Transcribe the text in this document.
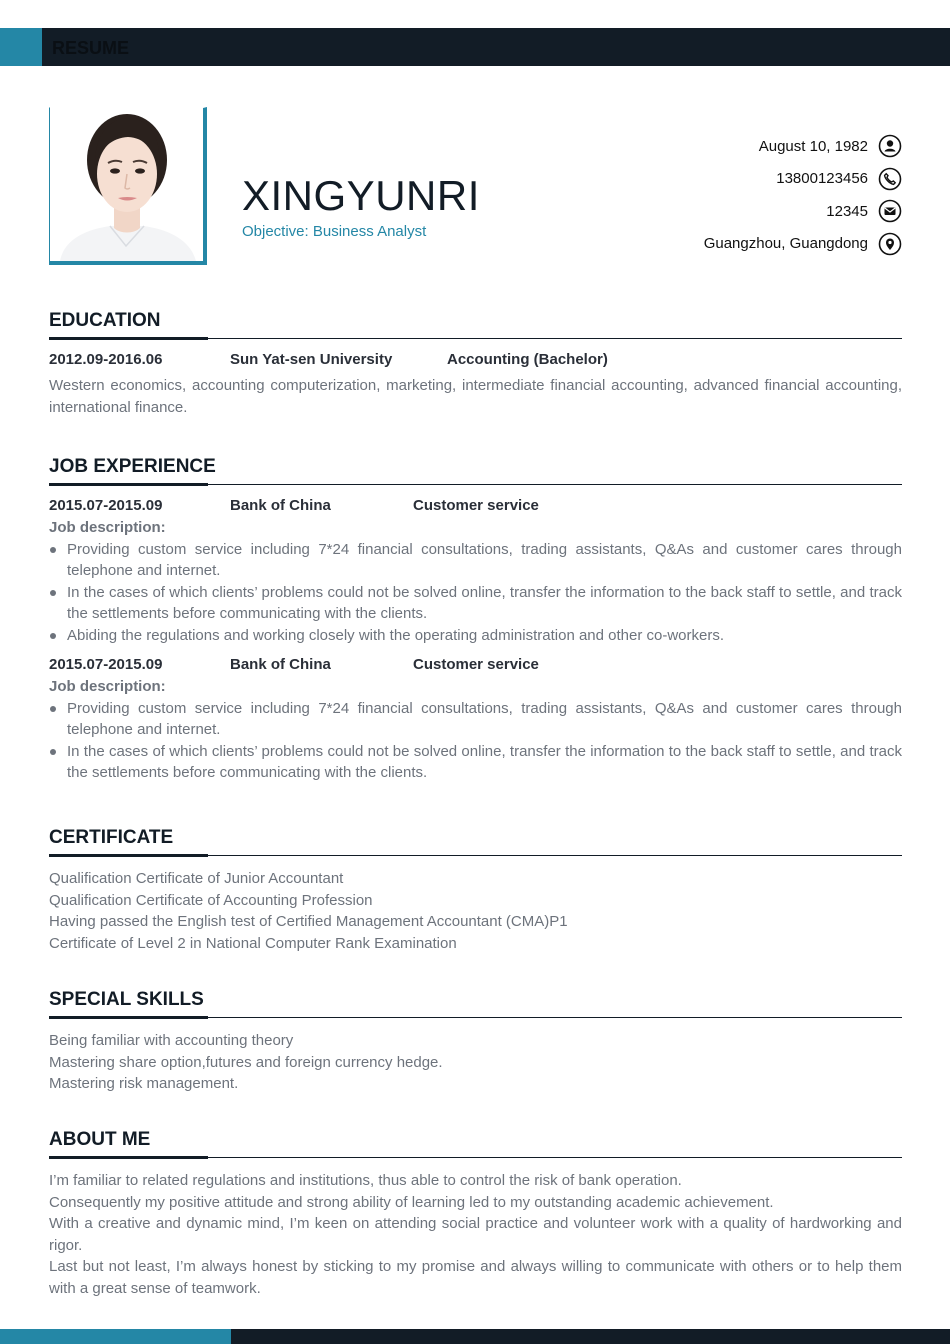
RESUME
XINGYUNRI
Objective: Business Analyst
August 10, 1982
13800123456
12345
Guangzhou, Guangdong
EDUCATION
2012.09-2016.06	Sun Yat-sen University	Accounting (Bachelor)
Western economics, accounting computerization, marketing, intermediate financial accounting, advanced financial accounting, international finance.
JOB EXPERIENCE
2015.07-2015.09	Bank of China	Customer service
Job description:
Providing custom service including 7*24 financial consultations, trading assistants, Q&As and customer cares through telephone and internet.
In the cases of which clients’ problems could not be solved online, transfer the information to the back staff to settle, and track the settlements before communicating with the clients.
Abiding the regulations and working closely with the operating administration and other co-workers.
2015.07-2015.09	Bank of China	Customer service
Job description:
Providing custom service including 7*24 financial consultations, trading assistants, Q&As and customer cares through telephone and internet.
In the cases of which clients’ problems could not be solved online, transfer the information to the back staff to settle, and track the settlements before communicating with the clients.
CERTIFICATE
Qualification Certificate of Junior Accountant
Qualification Certificate of Accounting Profession
Having passed the English test of Certified Management Accountant (CMA)P1
Certificate of Level 2 in National Computer Rank Examination
SPECIAL SKILLS
Being familiar with accounting theory
Mastering share option,futures and foreign currency hedge.
Mastering risk management.
ABOUT ME
I’m familiar to related regulations and institutions, thus able to control the risk of bank operation.
Consequently my positive attitude and strong ability of learning led to my outstanding academic achievement.
With a creative and dynamic mind, I’m keen on attending social practice and volunteer work with a quality of hardworking and rigor.
Last but not least, I’m always honest by sticking to my promise and always willing to communicate with others or to help them with a great sense of teamwork.
